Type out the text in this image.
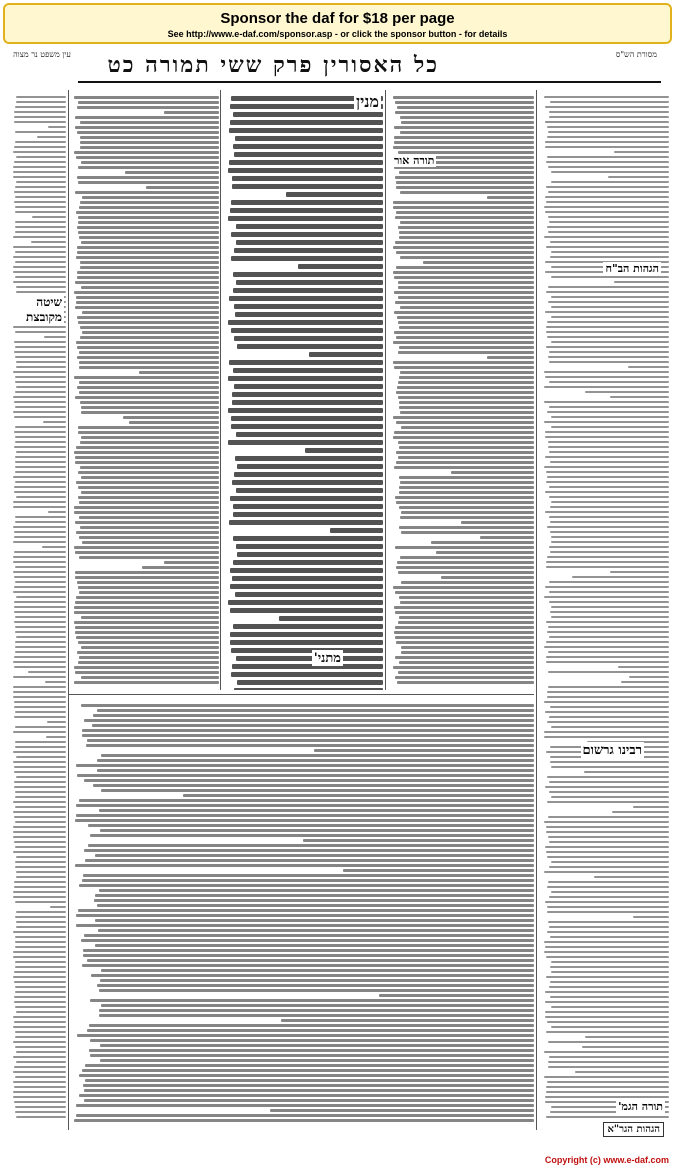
Sponsor the daf for $18 per page
See http://www.e-daf.com/sponsor.asp - or click the sponsor button - for details
מסורת הש"ס
כל האסורין פרק ששי תמורה כט
עין משפט נר מצוה
הגהות הב"ח
רבינו גרשום
תורה הגמ'
תורה אור
מנין
מתני'
שיטה מקובצת
הגהות הגר"א
Copyright (c) www.e-daf.com
